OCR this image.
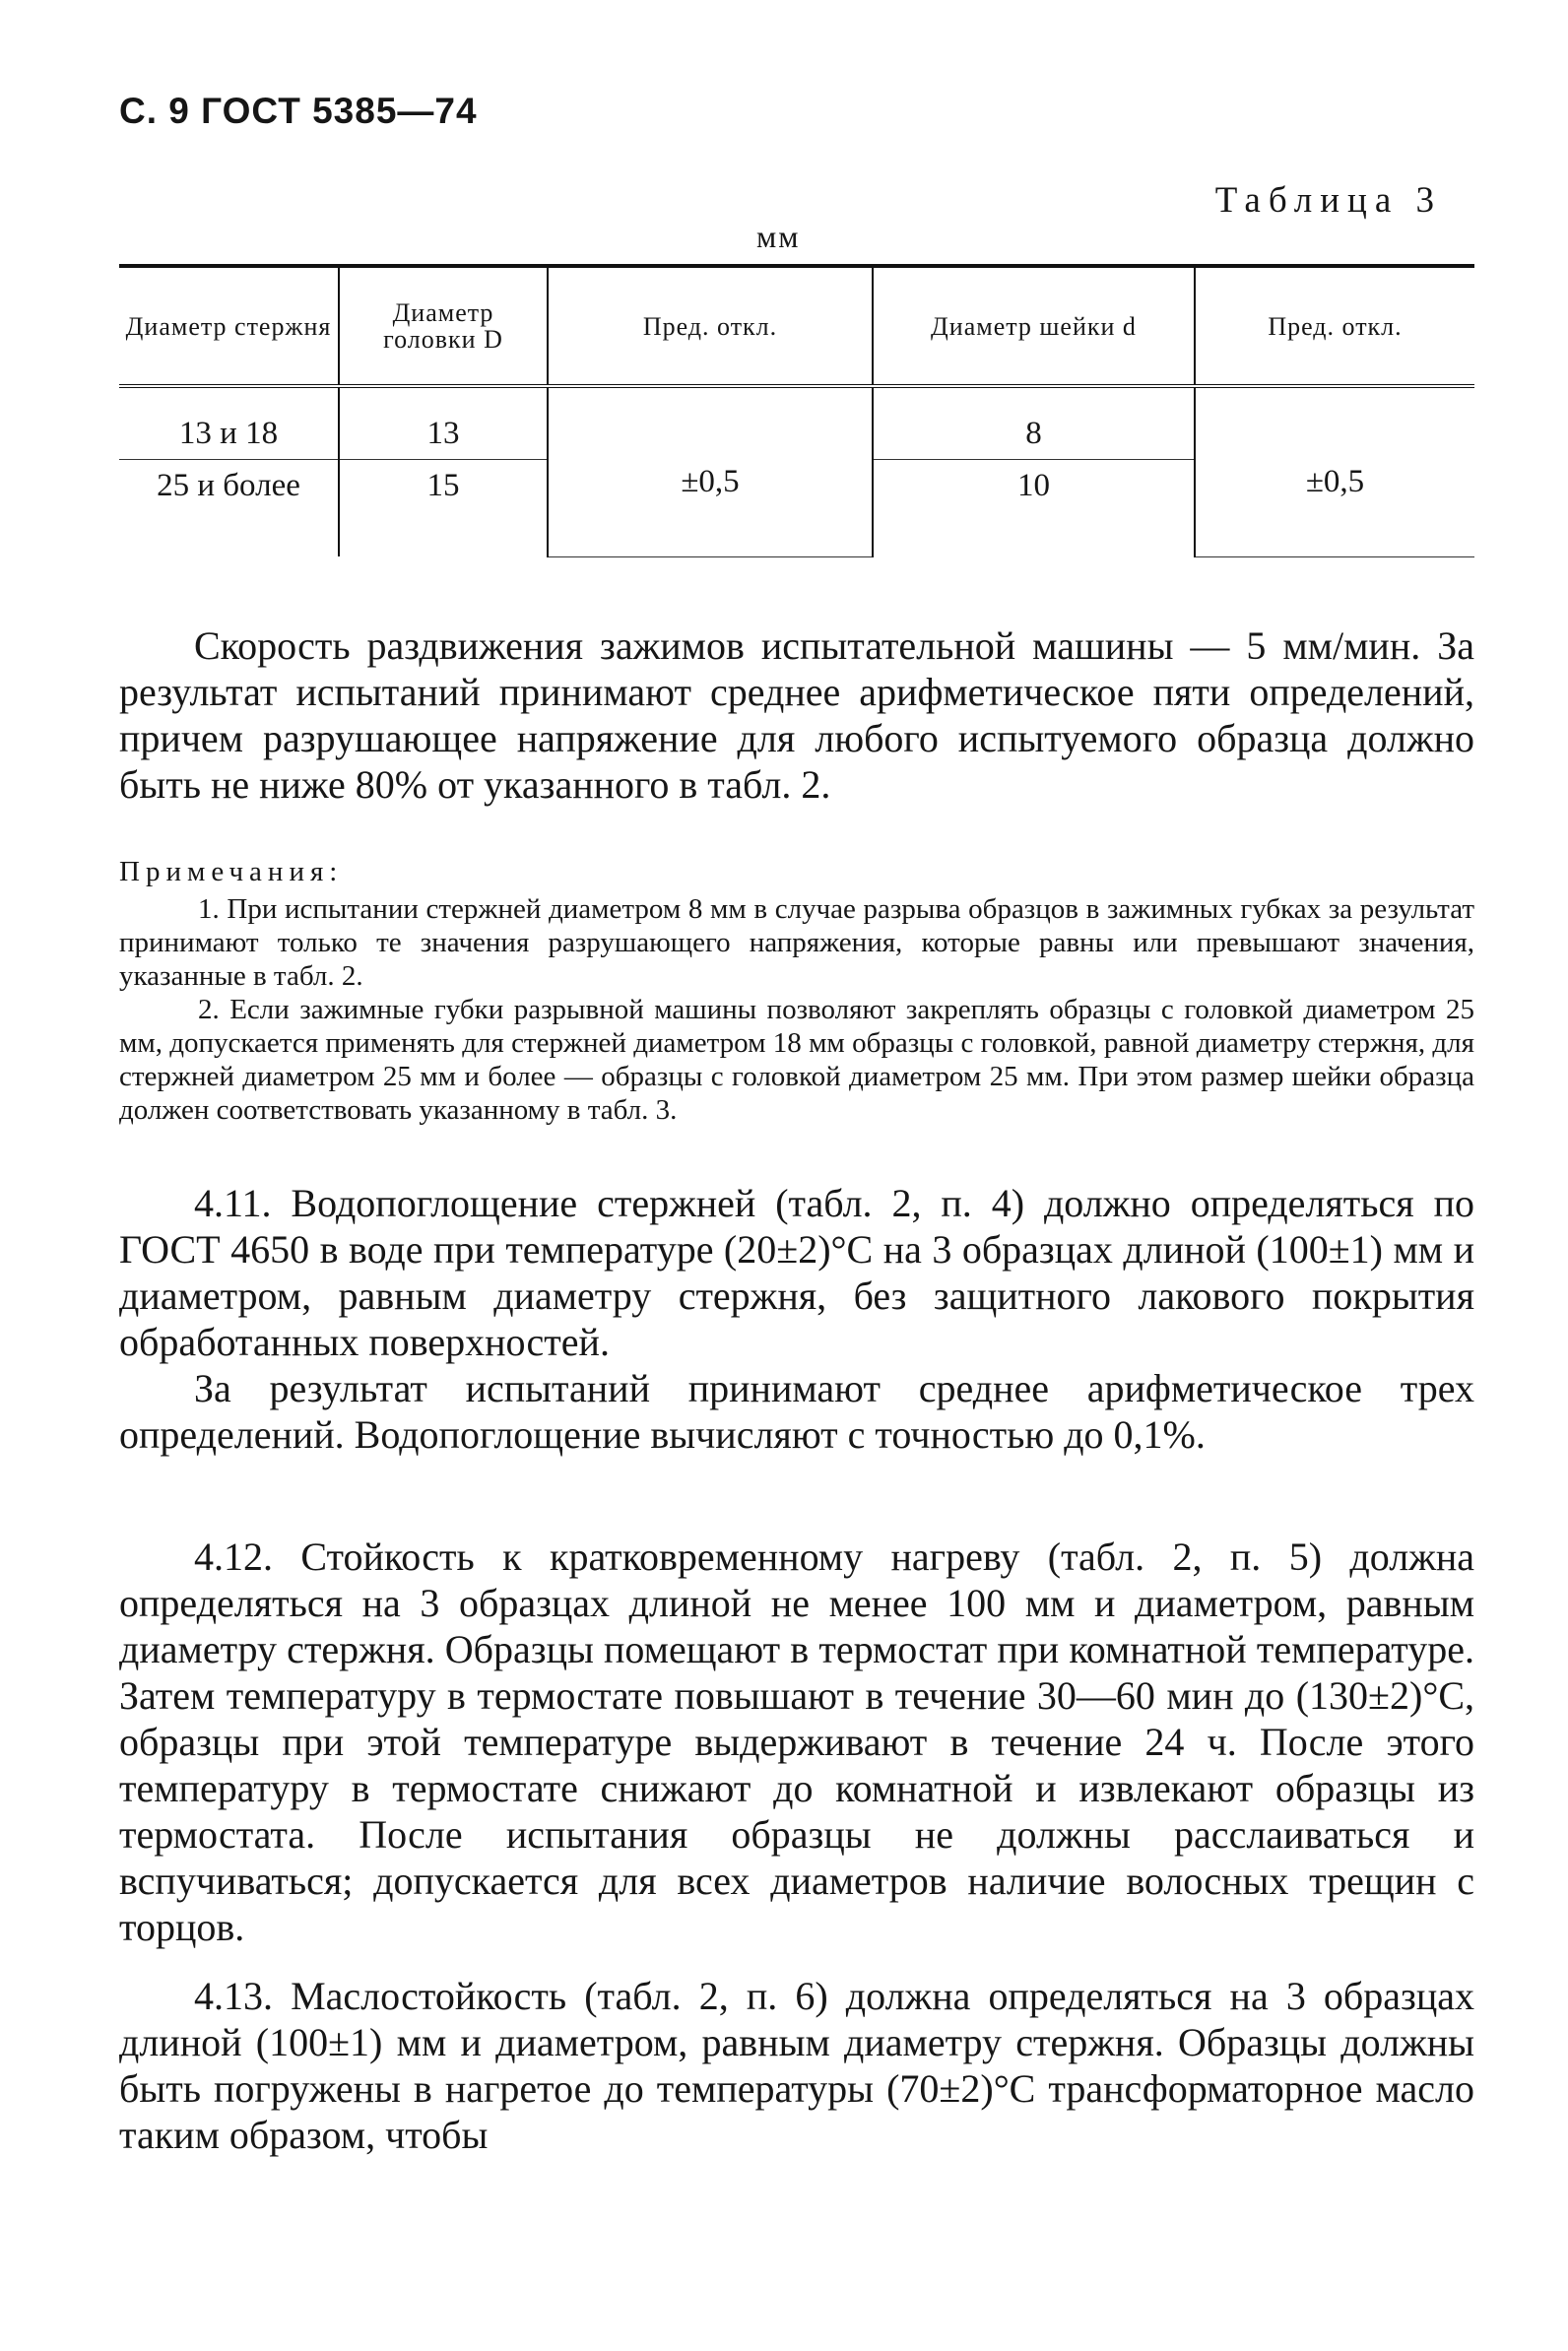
С. 9 ГОСТ 5385—74
Таблица 3
мм
Диаметр стержня	Диаметр головки D	Пред. откл.	Диаметр шейки d	Пред. откл.
13 и 18	13	±0,5	8	±0,5
25 и более	15		10	

Скорость раздвижения зажимов испытательной машины — 5 мм/мин. За результат испытаний принимают среднее арифметическое пяти определений, причем разрушающее напряжение для любого испытуемого образца должно быть не ниже 80% от указанного в табл. 2.

Примечания:

1. При испытании стержней диаметром 8 мм в случае разрыва образцов в зажимных губках за результат принимают только те значения разрушающего напряжения, которые равны или превышают значения, указанные в табл. 2.

2. Если зажимные губки разрывной машины позволяют закреплять образцы с головкой диаметром 25 мм, допускается применять для стержней диаметром 18 мм образцы с головкой, равной диаметру стержня, для стержней диаметром 25 мм и более — образцы с головкой диаметром 25 мм. При этом размер шейки образца должен соответствовать указанному в табл. 3.

4.11. Водопоглощение стержней (табл. 2, п. 4) должно определяться по ГОСТ 4650 в воде при температуре (20±2)°С на 3 образцах длиной (100±1) мм и диаметром, равным диаметру стержня, без защитного лакового покрытия обработанных поверхностей.

За результат испытаний принимают среднее арифметическое трех определений. Водопоглощение вычисляют с точностью до 0,1%.

4.12. Стойкость к кратковременному нагреву (табл. 2, п. 5) должна определяться на 3 образцах длиной не менее 100 мм и диаметром, равным диаметру стержня. Образцы помещают в термостат при комнатной температуре. Затем температуру в термостате повышают в течение 30—60 мин до (130±2)°С, образцы при этой температуре выдерживают в течение 24 ч. После этого температуру в термостате снижают до комнатной и извлекают образцы из термостата. После испытания образцы не должны расслаиваться и вспучиваться; допускается для всех диаметров наличие волосных трещин с торцов.

4.13. Маслостойкость (табл. 2, п. 6) должна определяться на 3 образцах длиной (100±1) мм и диаметром, равным диаметру стержня. Образцы должны быть погружены в нагретое до температуры (70±2)°С трансформаторное масло таким образом, чтобы
